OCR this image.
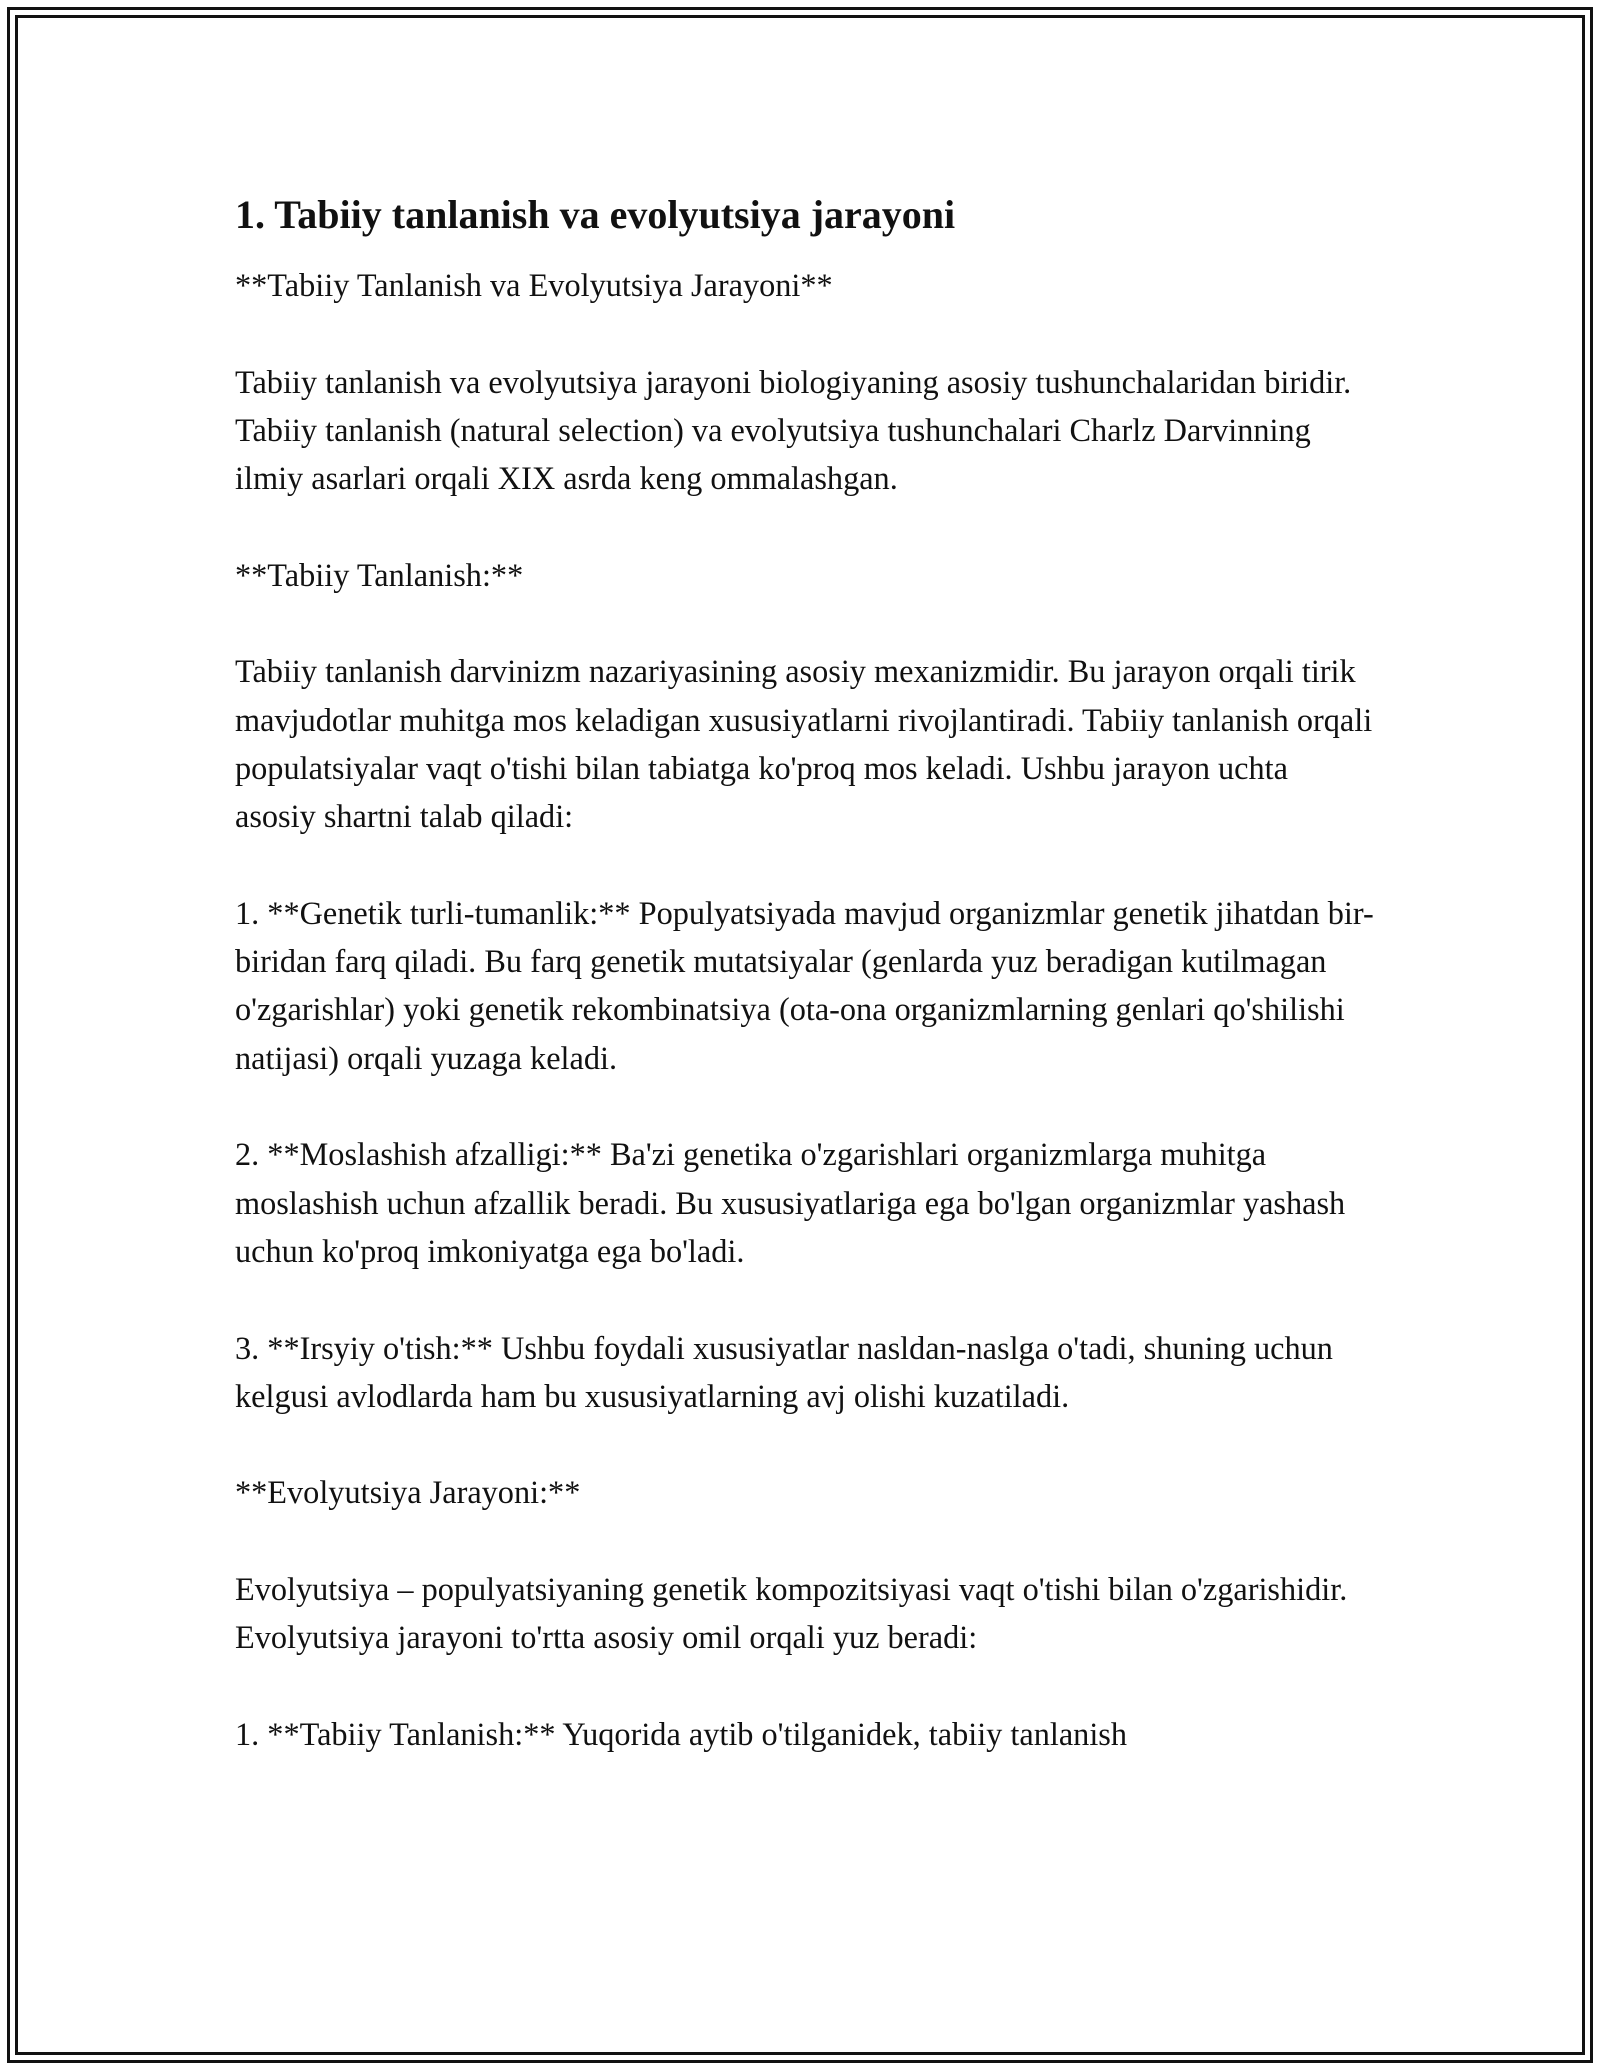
1. Tabiiy tanlanish va evolyutsiya jarayoni

**Tabiiy Tanlanish va Evolyutsiya Jarayoni**

Tabiiy tanlanish va evolyutsiya jarayoni biologiyaning asosiy tushunchalaridan biridir. Tabiiy tanlanish (natural selection) va evolyutsiya tushunchalari Charlz Darvinning ilmiy asarlari orqali XIX asrda keng ommalashgan.

**Tabiiy Tanlanish:**

Tabiiy tanlanish darvinizm nazariyasining asosiy mexanizmidir. Bu jarayon orqali tirik mavjudotlar muhitga mos keladigan xususiyatlarni rivojlantiradi. Tabiiy tanlanish orqali populatsiyalar vaqt o'tishi bilan tabiatga ko'proq mos keladi. Ushbu jarayon uchta asosiy shartni talab qiladi:

1. **Genetik turli-tumanlik:** Populyatsiyada mavjud organizmlar genetik jihatdan bir-biridan farq qiladi. Bu farq genetik mutatsiyalar (genlarda yuz beradigan kutilmagan o'zgarishlar) yoki genetik rekombinatsiya (ota-ona organizmlarning genlari qo'shilishi natijasi) orqali yuzaga keladi.

2. **Moslashish afzalligi:** Ba'zi genetika o'zgarishlari organizmlarga muhitga moslashish uchun afzallik beradi. Bu xususiyatlariga ega bo'lgan organizmlar yashash uchun ko'proq imkoniyatga ega bo'ladi.

3. **Irsyiy o'tish:** Ushbu foydali xususiyatlar nasldan-naslga o'tadi, shuning uchun kelgusi avlodlarda ham bu xususiyatlarning avj olishi kuzatiladi.

**Evolyutsiya Jarayoni:**

Evolyutsiya – populyatsiyaning genetik kompozitsiyasi vaqt o'tishi bilan o'zgarishidir. Evolyutsiya jarayoni to'rtta asosiy omil orqali yuz beradi:

1. **Tabiiy Tanlanish:** Yuqorida aytib o'tilganidek, tabiiy tanlanish
